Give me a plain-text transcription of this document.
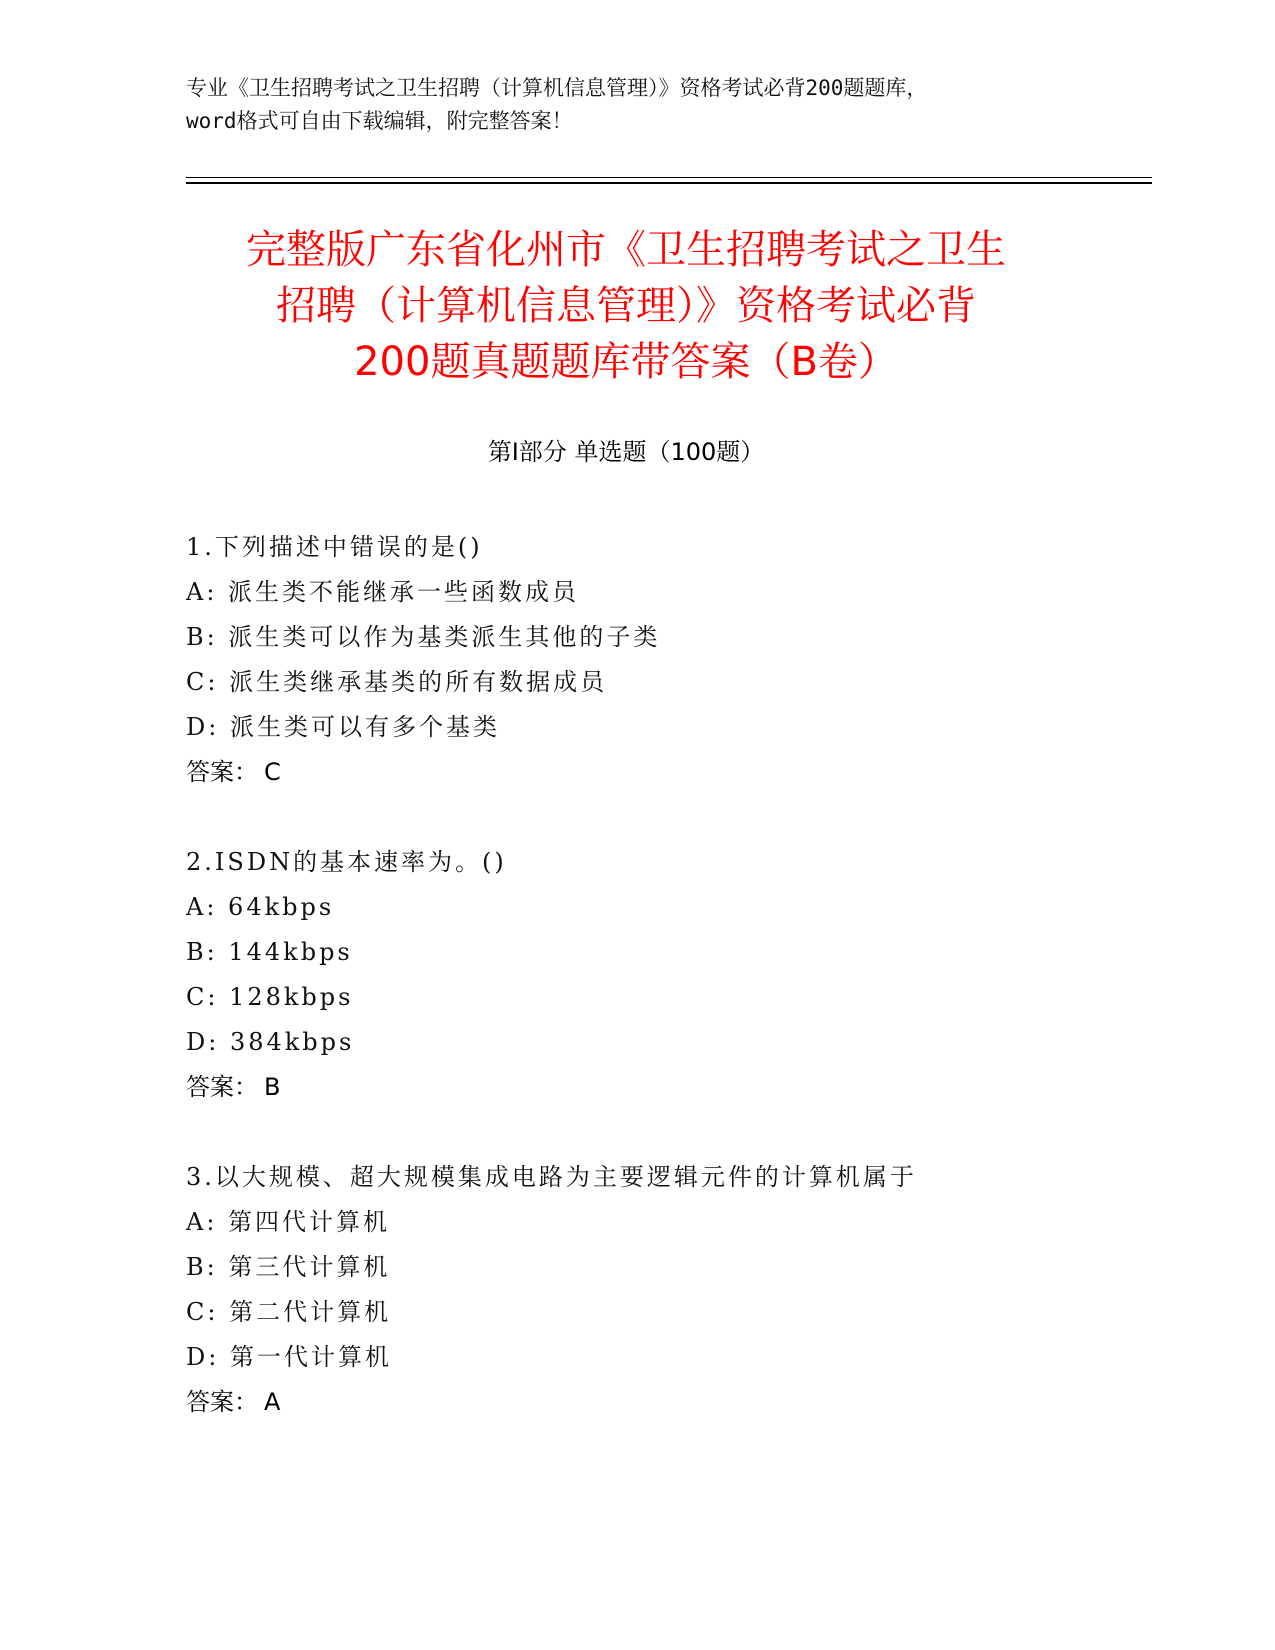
专业《卫生招聘考试之卫生招聘（计算机信息管理）》资格考试必背200题题库，
word格式可自由下载编辑，附完整答案！
完整版广东省化州市《卫生招聘考试之卫生
招聘（计算机信息管理）》资格考试必背
200题真题题库带答案（B卷）
第Ⅰ部分 单选题（100题）
1.下列描述中错误的是()
A: 派生类不能继承一些函数成员
B: 派生类可以作为基类派生其他的子类
C: 派生类继承基类的所有数据成员
D: 派生类可以有多个基类
答案： C
2.ISDN的基本速率为。()
A: 64kbps
B: 144kbps
C: 128kbps
D: 384kbps
答案： B
3.以大规模、超大规模集成电路为主要逻辑元件的计算机属于
A: 第四代计算机
B: 第三代计算机
C: 第二代计算机
D: 第一代计算机
答案： A
